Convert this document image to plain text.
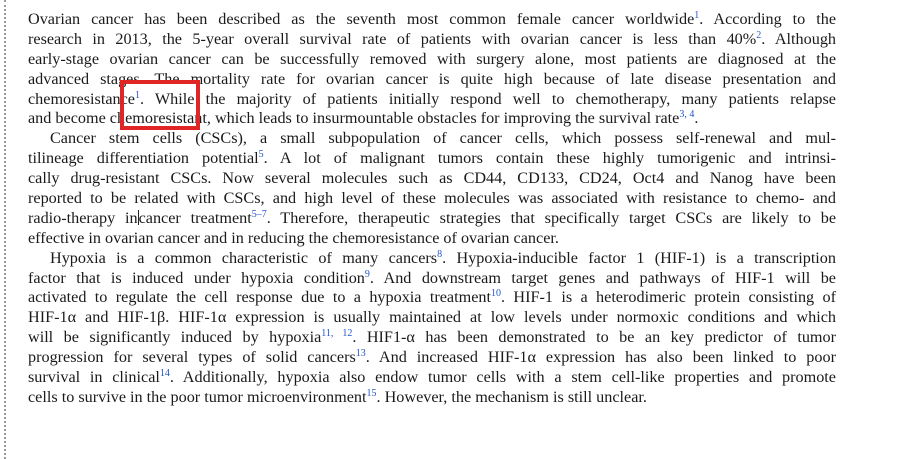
Ovarian cancer has been described as the seventh most common female cancer worldwide$^1$. According to the
research in 2013, the 5-year overall survival rate of patients with ovarian cancer is less than 40%$^2$. Although
early-stage ovarian cancer can be successfully removed with surgery alone, most patients are diagnosed at the
advanced stages. The mortality rate for ovarian cancer is quite high because of late disease presentation and
chemoresistance$^1$. While the majority of patients initially respond well to chemotherapy, many patients relapse
and become chemoresistant, which leads to insurmountable obstacles for improving the survival rate$^{3, 4}$.
Cancer stem cells (CSCs), a small subpopulation of cancer cells, which possess self-renewal and mul-
tilineage differentiation potential$^5$. A lot of malignant tumors contain these highly tumorigenic and intrinsi-
cally drug-resistant CSCs. Now several molecules such as CD44, CD133, CD24, Oct4 and Nanog have been
reported to be related with CSCs, and high level of these molecules was associated with resistance to chemo- and
radio-therapy incancer treatment$^{5-7}$. Therefore, therapeutic strategies that specifically target CSCs are likely to be
effective in ovarian cancer and in reducing the chemoresistance of ovarian cancer.
Hypoxia is a common characteristic of many cancers$^8$. Hypoxia-inducible factor 1 (HIF-1) is a transcription
factor that is induced under hypoxia condition$^9$. And downstream target genes and pathways of HIF-1 will be
activated to regulate the cell response due to a hypoxia treatment$^{10}$. HIF-1 is a heterodimeric protein consisting of
HIF-1α and HIF-1β. HIF-1α expression is usually maintained at low levels under normoxic conditions and which
will be significantly induced by hypoxia$^{11, 12}$. HIF1-α has been demonstrated to be an key predictor of tumor
progression for several types of solid cancers$^{13}$. And increased HIF-1α expression has also been linked to poor
survival in clinical$^{14}$. Additionally, hypoxia also endow tumor cells with a stem cell-like properties and promote
cells to survive in the poor tumor microenvironment$^{15}$. However, the mechanism is still unclear.
